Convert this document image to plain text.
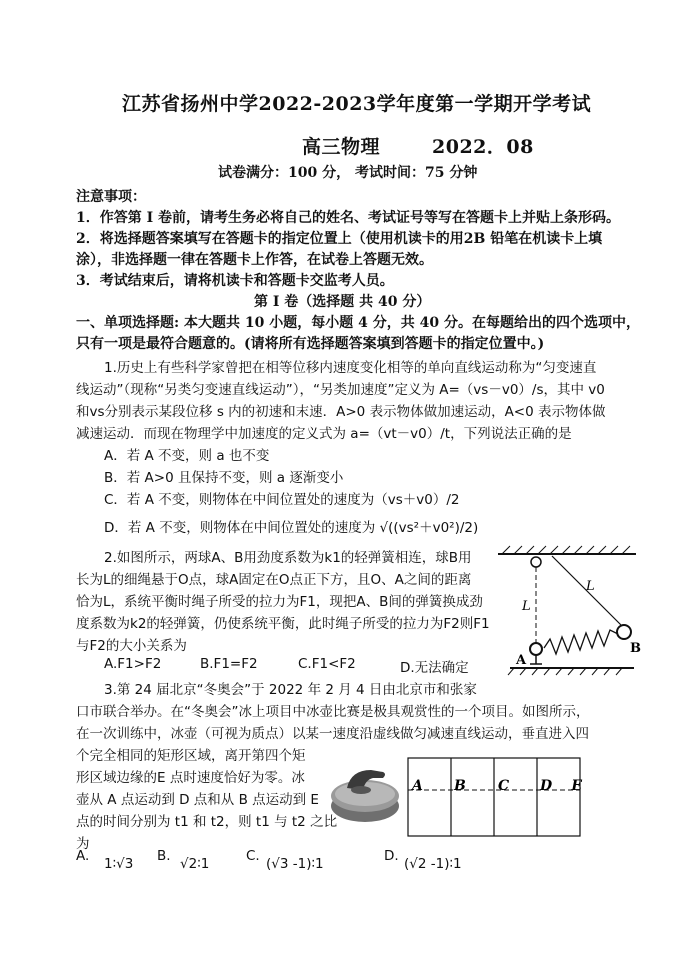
江苏省扬州中学2022-2023学年度第一学期开学考试
高三物理	2022．08
试卷满分：100 分， 考试时间：75 分钟
注意事项：
1．作答第 I 卷前，请考生务必将自己的姓名、考试证号等写在答题卡上并贴上条形码。
2．将选择题答案填写在答题卡的指定位置上（使用机读卡的用2B 铅笔在机读卡上填
涂），非选择题一律在答题卡上作答，在试卷上答题无效。
3．考试结束后，请将机读卡和答题卡交监考人员。
第 I 卷（选择题 共 40 分）
一、单项选择题: 本大题共 10 小题，每小题 4 分，共 40 分。在每题给出的四个选项中，
只有一项是最符合题意的。(请将所有选择题答案填到答题卡的指定位置中。)
1.历史上有些科学家曾把在相等位移内速度变化相等的单向直线运动称为“匀变速直
线运动”（现称“另类匀变速直线运动”），“另类加速度”定义为 A=（vs－v0）/s，其中 v0
和vs分别表示某段位移 s 内的初速和末速．A>0 表示物体做加速运动，A<0 表示物体做
减速运动．而现在物理学中加速度的定义式为 a=（vt－v0）/t，下列说法正确的是
A．若 A 不变，则 a 也不变
B．若 A>0 且保持不变，则 a 逐渐变小
C．若 A 不变，则物体在中间位置处的速度为（vs＋v0）/2
D．若 A 不变，则物体在中间位置处的速度为 √((vs²＋v0²)/2)
2.如图所示，两球A、B用劲度系数为k1的轻弹簧相连，球B用
长为L的细绳悬于O点，球A固定在O点正下方，且O、A之间的距离
恰为L，系统平衡时绳子所受的拉力为F1，现把A、B间的弹簧换成劲
度系数为k2的轻弹簧，仍使系统平衡，此时绳子所受的拉力为F2则F1
与F2的大小关系为
A.F1>F2	B.F1=F2	C.F1<F2	D.无法确定
L
L
A
B
3.第 24 届北京“冬奥会”于 2022 年 2 月 4 日由北京市和张家
口市联合举办。在“冬奥会”冰上项目中冰壶比赛是极具观赏性的一个项目。如图所示，
在一次训练中，冰壶（可视为质点）以某一速度沿虚线做匀减速直线运动，垂直进入四
个完全相同的矩形区域，离开第四个矩
形区域边缘的E 点时速度恰好为零。冰
壶从 A 点运动到 D 点和从 B 点运动到 E
点的时间分别为 t1 和 t2，则 t1 与 t2 之比
为
A B C D E
A. 1∶√3 B. √2∶1	C. (√3 -1)∶1	D. (√2 -1)∶1
